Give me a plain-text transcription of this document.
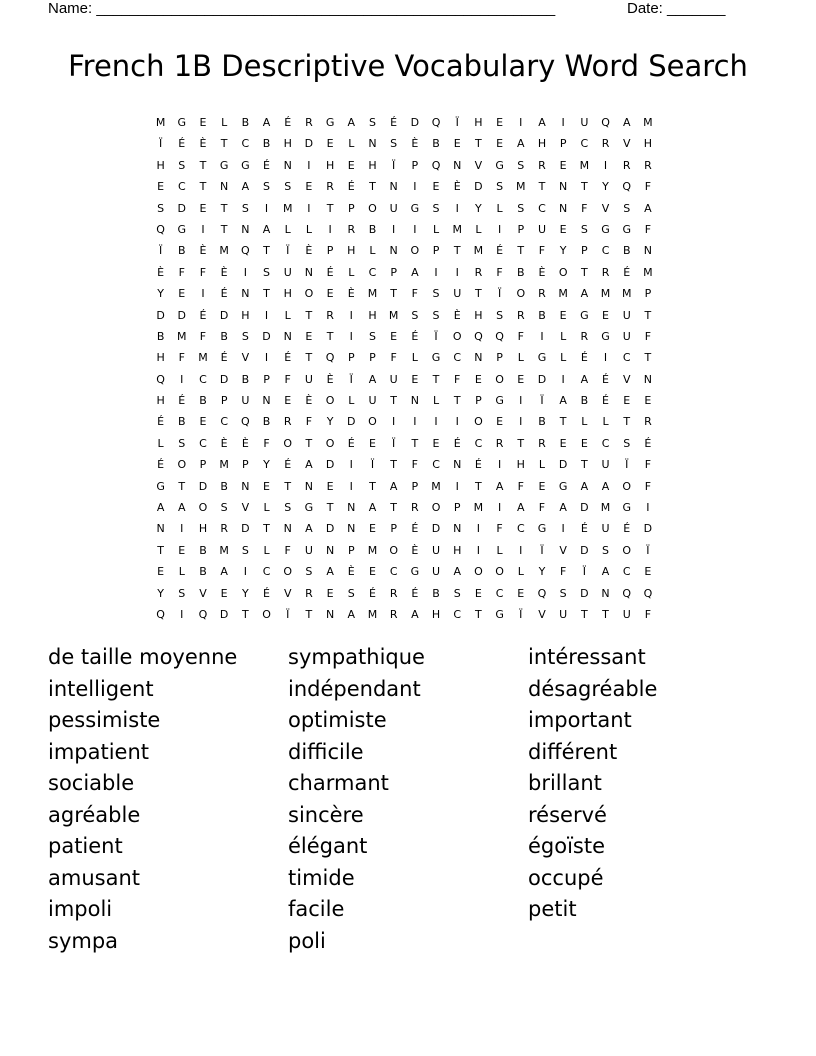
Name: _______________________________________________________	Date: _______
French 1B Descriptive Vocabulary Word Search
M	G	E	L	B	A	É	R	G	A	S	É	D	Q	Ï	H	E	I	A	I	U	Q	A	M
Ï	É	È	T	C	B	H	D	E	L	N	S	È	B	E	T	E	A	H	P	C	R	V	H
H	S	T	G	G	É	N	I	H	E	H	Ï	P	Q	N	V	G	S	R	E	M	I	R	R
E	C	T	N	A	S	S	E	R	É	T	N	I	E	È	D	S	M	T	N	T	Y	Q	F
S	D	E	T	S	I	M	I	T	P	O	U	G	S	I	Y	L	S	C	N	F	V	S	A
Q	G	I	T	N	A	L	L	I	R	B	I	I	L	M	L	I	P	U	E	S	G	G	F
Ï	B	È	M	Q	T	Ï	È	P	H	L	N	O	P	T	M	É	T	F	Y	P	C	B	N
È	F	F	È	I	S	U	N	É	L	C	P	A	I	I	R	F	B	È	O	T	R	É	M
Y	E	I	É	N	T	H	O	E	È	M	T	F	S	U	T	Ï	O	R	M	A	M	M	P
D	D	É	D	H	I	L	T	R	I	H	M	S	S	È	H	S	R	B	E	G	E	U	T
B	M	F	B	S	D	N	E	T	I	S	E	É	Ï	O	Q	Q	F	I	L	R	G	U	F
H	F	M	É	V	I	É	T	Q	P	P	F	L	G	C	N	P	L	G	L	É	I	C	T
Q	I	C	D	B	P	F	U	È	Ï	A	U	E	T	F	E	O	E	D	I	A	É	V	N
H	É	B	P	U	N	E	È	O	L	U	T	N	L	T	P	G	I	Ï	A	B	É	E	E
É	B	E	C	Q	B	R	F	Y	D	O	I	I	I	I	O	E	I	B	T	L	L	T	R
L	S	C	È	È	F	O	T	O	É	E	Ï	T	E	É	C	R	T	R	E	E	C	S	É
É	O	P	M	P	Y	É	A	D	I	Ï	T	F	C	N	É	I	H	L	D	T	U	Ï	F
G	T	D	B	N	E	T	N	E	I	T	A	P	M	I	T	A	F	E	G	A	A	O	F
A	A	O	S	V	L	S	G	T	N	A	T	R	O	P	M	I	A	F	A	D	M	G	I
N	I	H	R	D	T	N	A	D	N	E	P	É	D	N	I	F	C	G	I	É	U	É	D
T	E	B	M	S	L	F	U	N	P	M	O	È	U	H	I	L	I	Ï	V	D	S	O	Ï
E	L	B	A	I	C	O	S	A	È	E	C	G	U	A	O	O	L	Y	F	Ï	A	C	E
Y	S	V	E	Y	É	V	R	E	S	É	R	É	B	S	E	C	E	Q	S	D	N	Q	Q
Q	I	Q	D	T	O	Ï	T	N	A	M	R	A	H	C	T	G	Ï	V	U	T	T	U	F
de taille moyenne
intelligent
pessimiste
impatient
sociable
agréable
patient
amusant
impoli
sympa
sympathique
indépendant
optimiste
difficile
charmant
sincère
élégant
timide
facile
poli
intéressant
désagréable
important
différent
brillant
réservé
égoïste
occupé
petit
